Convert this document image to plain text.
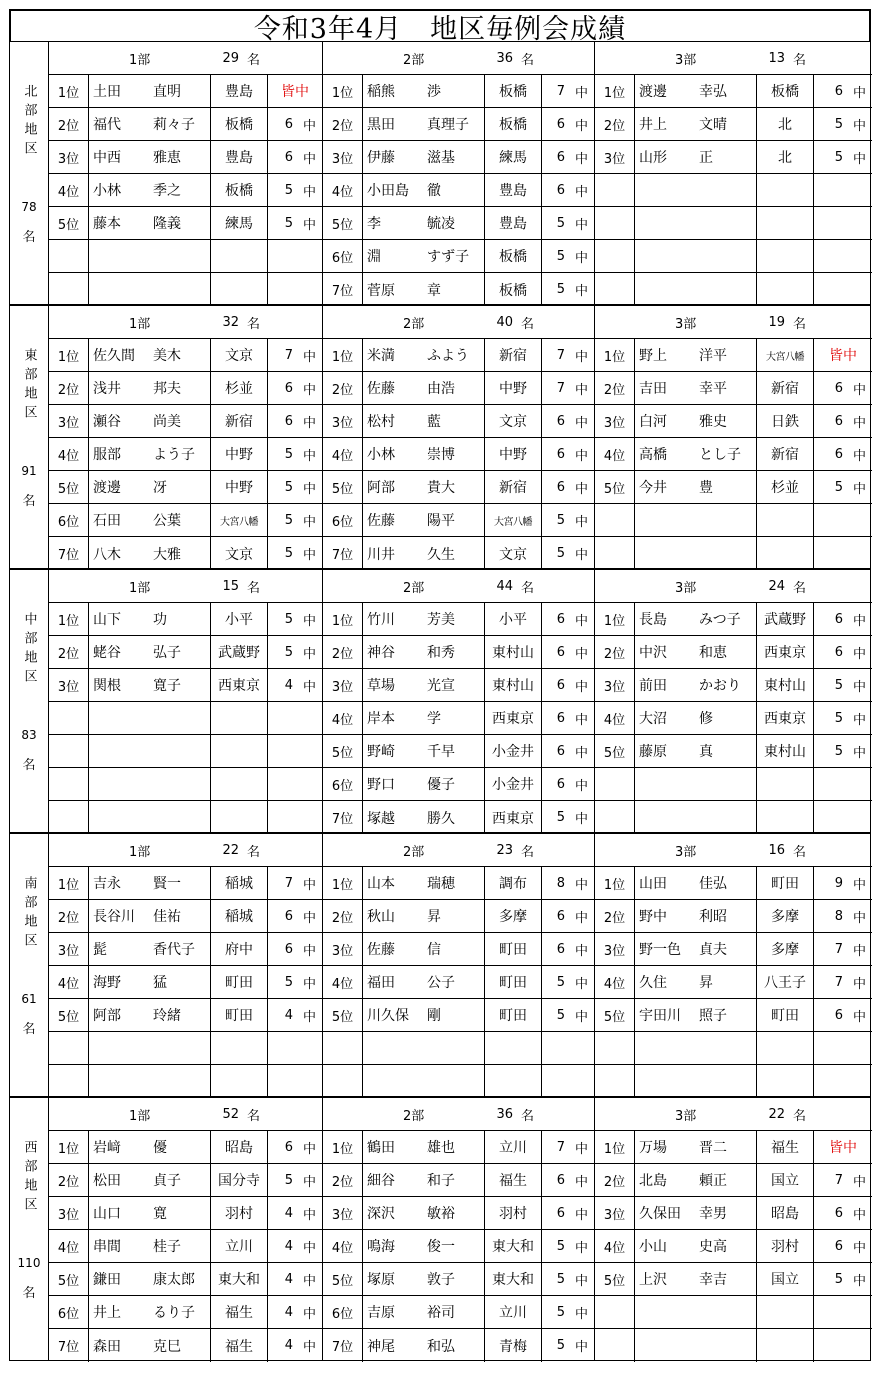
令和3年4月　地区毎例会成績
北部地区
78
名
1部	29 名
1位 土田	直明	豊島	皆中
2位 福代	莉々子	板橋	6 中
3位 中西	雅恵	豊島	6 中
4位 小林	季之	板橋	5 中
5位 藤本	隆義	練馬	5 中
2部	36 名
1位 稲熊	渉	板橋	7 中
2位 黒田	真理子	板橋	6 中
3位 伊藤	滋基	練馬	6 中
4位 小田島	徹	豊島	6 中
5位 李	毓凌	豊島	5 中
6位 淵	すず子	板橋	5 中
7位 菅原	章	板橋	5 中
3部	13 名
1位 渡邊	幸弘	板橋	6 中
2位 井上	文晴	北	5 中
3位 山形	正	北	5 中
東部地区
91
名
1部	32 名
1位 佐久間	美木	文京	7 中
2位 浅井	邦夫	杉並	6 中
3位 瀬谷	尚美	新宿	6 中
4位 服部	よう子	中野	5 中
5位 渡邊	冴	中野	5 中
6位 石田	公葉	大宮八幡	5 中
7位 八木	大雅	文京	5 中
2部	40 名
1位 米満	ふよう	新宿	7 中
2位 佐藤	由浩	中野	7 中
3位 松村	藍	文京	6 中
4位 小林	崇博	中野	6 中
5位 阿部	貴大	新宿	6 中
6位 佐藤	陽平	大宮八幡	5 中
7位 川井	久生	文京	5 中
3部	19 名
1位 野上	洋平	大宮八幡	皆中
2位 吉田	幸平	新宿	6 中
3位 白河	雅史	日鉄	6 中
4位 高橋	とし子	新宿	6 中
5位 今井	豊	杉並	5 中
中部地区
83
名
1部	15 名
1位 山下	功	小平	5 中
2位 蛯谷	弘子	武蔵野	5 中
3位 関根	寛子	西東京	4 中
2部	44 名
1位 竹川	芳美	小平	6 中
2位 神谷	和秀	東村山	6 中
3位 草場	光宣	東村山	6 中
4位 岸本	学	西東京	6 中
5位 野崎	千早	小金井	6 中
6位 野口	優子	小金井	6 中
7位 塚越	勝久	西東京	5 中
3部	24 名
1位 長島	みつ子	武蔵野	6 中
2位 中沢	和恵	西東京	6 中
3位 前田	かおり	東村山	5 中
4位 大沼	修	西東京	5 中
5位 藤原	真	東村山	5 中
南部地区
61
名
1部	22 名
1位 吉永	賢一	稲城	7 中
2位 長谷川	佳祐	稲城	6 中
3位 髭	香代子	府中	6 中
4位 海野	猛	町田	5 中
5位 阿部	玲緒	町田	4 中
2部	23 名
1位 山本	瑞穂	調布	8 中
2位 秋山	昇	多摩	6 中
3位 佐藤	信	町田	6 中
4位 福田	公子	町田	5 中
5位 川久保	剛	町田	5 中
3部	16 名
1位 山田	佳弘	町田	9 中
2位 野中	利昭	多摩	8 中
3位 野一色	貞夫	多摩	7 中
4位 久住	昇	八王子	7 中
5位 宇田川	照子	町田	6 中
西部地区
110
名
1部	52 名
1位 岩﨑	優	昭島	6 中
2位 松田	貞子	国分寺	5 中
3位 山口	寛	羽村	4 中
4位 串間	桂子	立川	4 中
5位 鎌田	康太郎	東大和	4 中
6位 井上	るり子	福生	4 中
7位 森田	克巳	福生	4 中
2部	36 名
1位 鶴田	雄也	立川	7 中
2位 細谷	和子	福生	6 中
3位 深沢	敏裕	羽村	6 中
4位 鳴海	俊一	東大和	5 中
5位 塚原	敦子	東大和	5 中
6位 吉原	裕司	立川	5 中
7位 神尾	和弘	青梅	5 中
3部	22 名
1位 万場	晋二	福生	皆中
2位 北島	頼正	国立	7 中
3位 久保田	幸男	昭島	6 中
4位 小山	史高	羽村	6 中
5位 上沢	幸吉	国立	5 中
